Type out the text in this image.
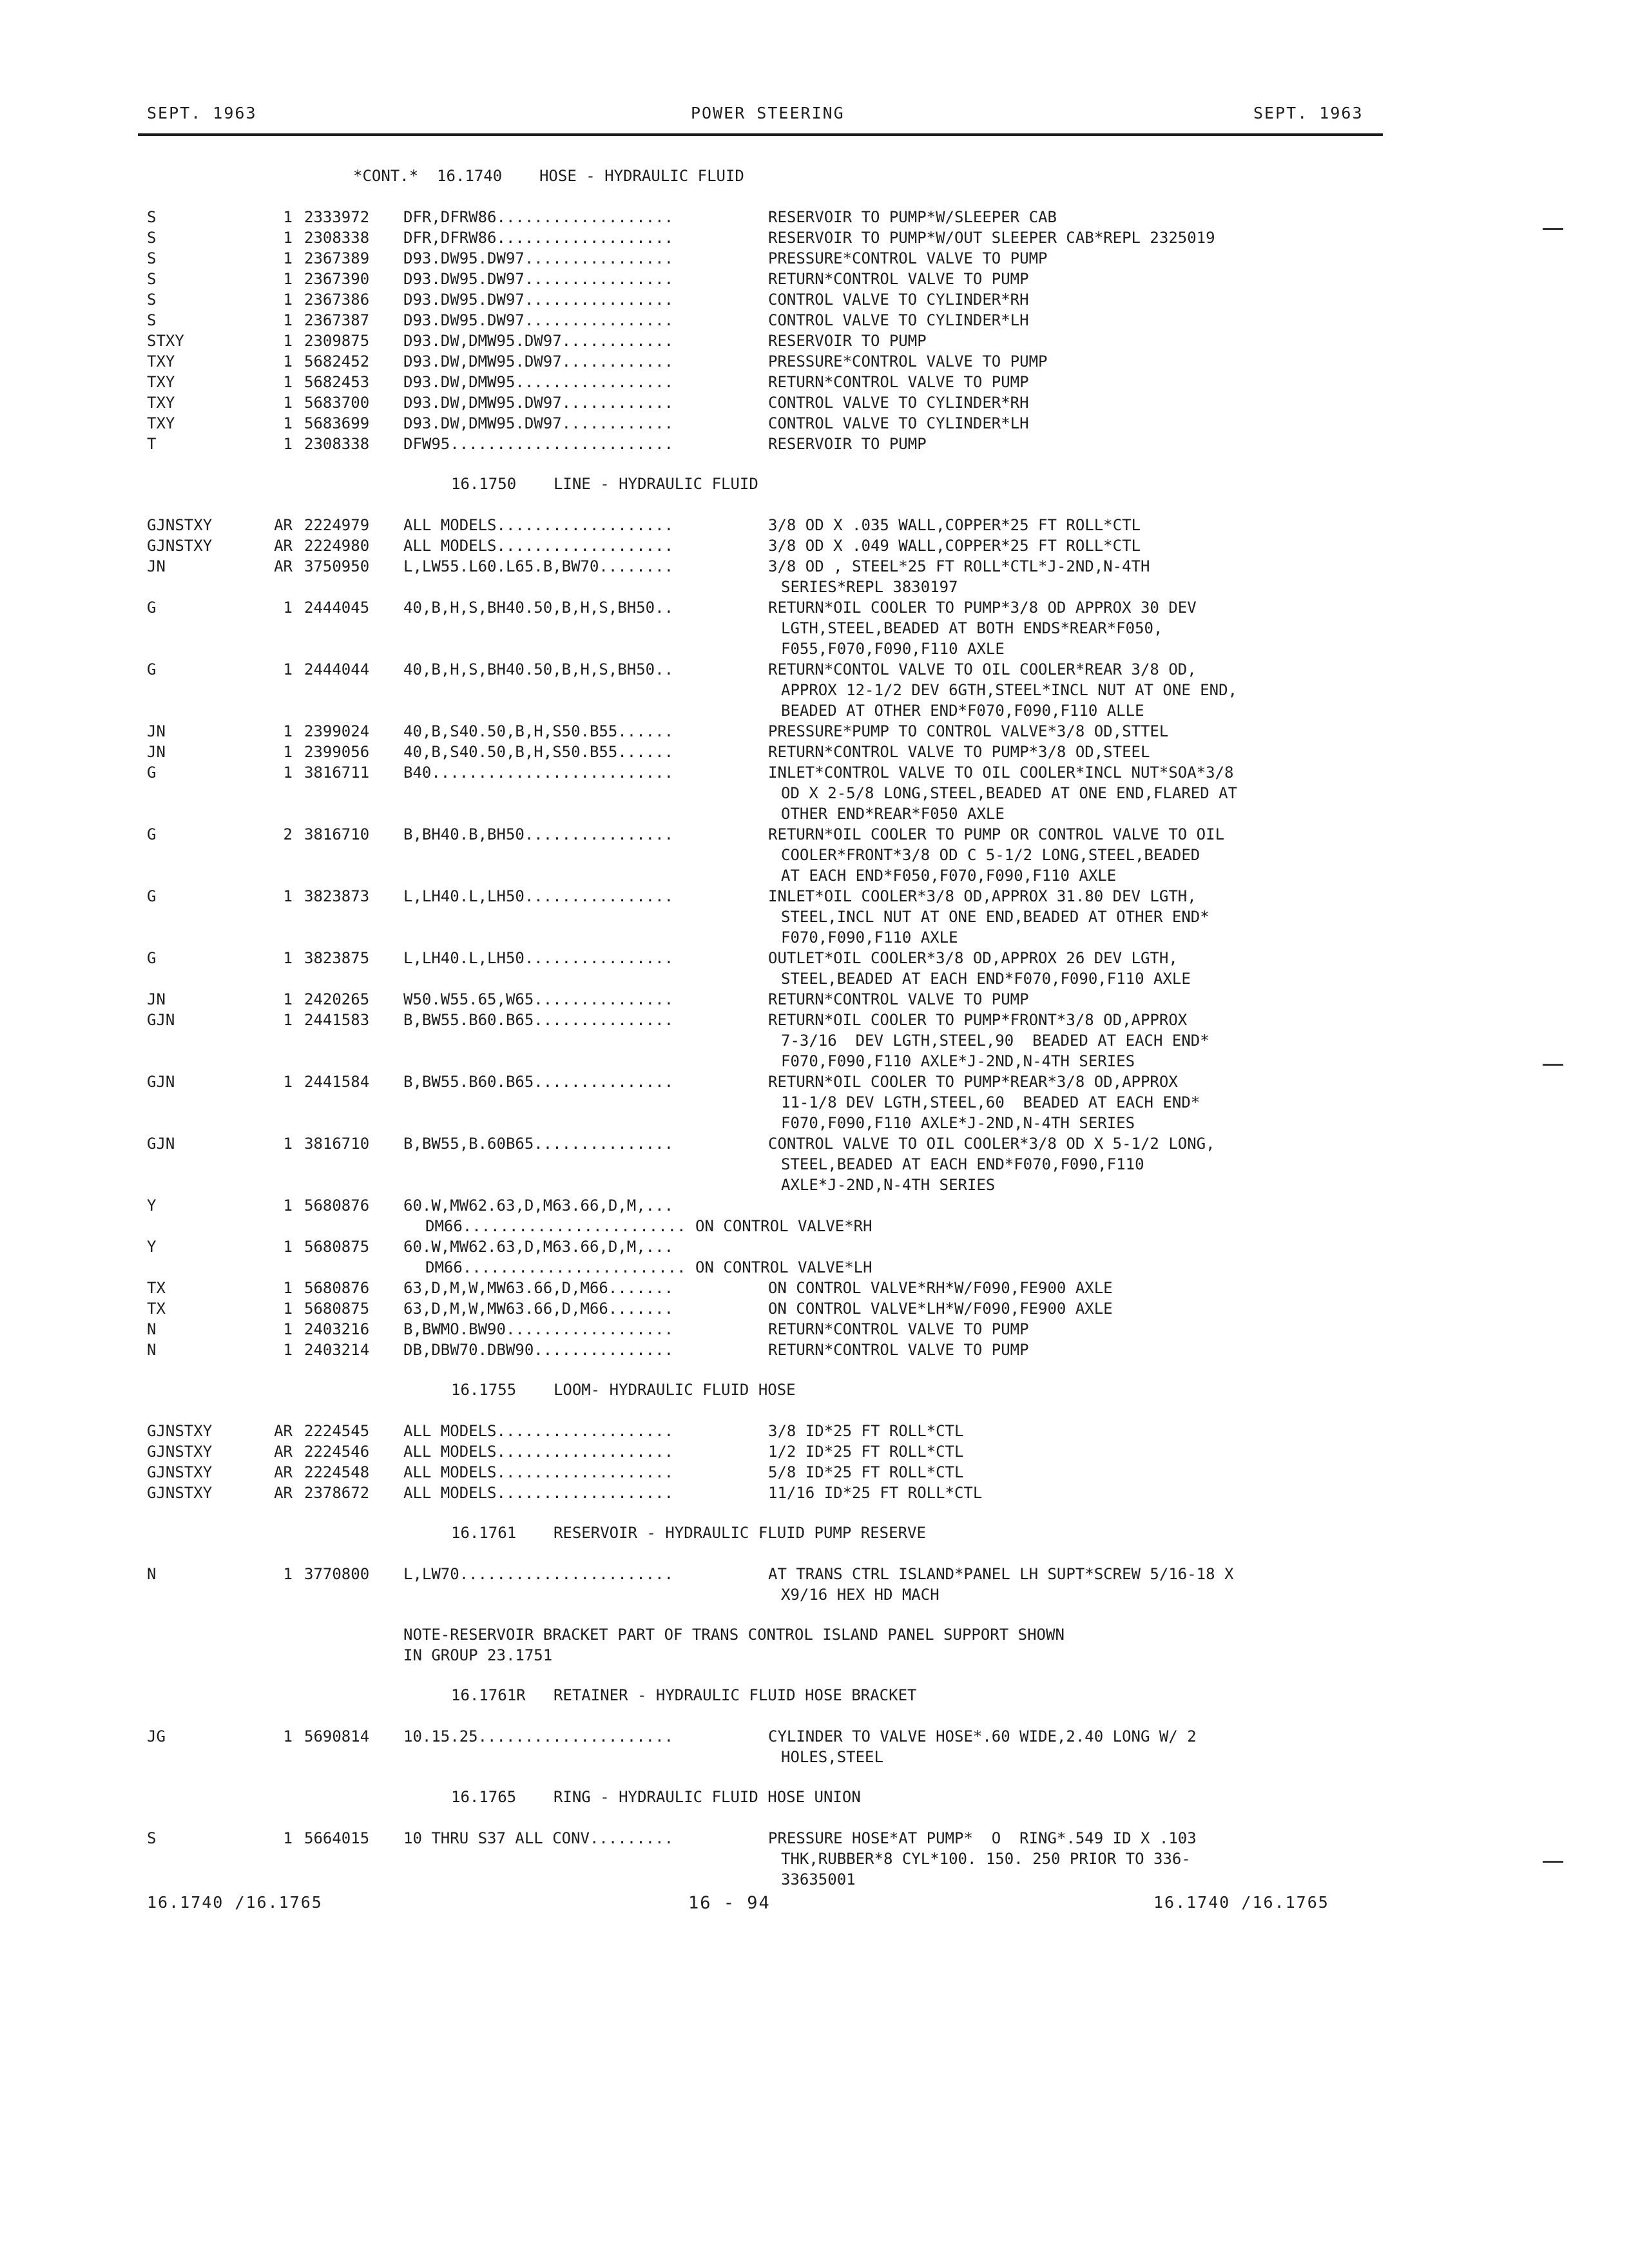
SEPT. 1963	POWER STEERING	SEPT. 1963
*CONT.*  16.1740    HOSE - HYDRAULIC FLUID
S	1 2333972 DFR,DFRW86...................	RESERVOIR TO PUMP*W/SLEEPER CAB
S	1 2308338 DFR,DFRW86...................	RESERVOIR TO PUMP*W/OUT SLEEPER CAB*REPL 2325019
S	1 2367389 D93.DW95.DW97................	PRESSURE*CONTROL VALVE TO PUMP
S	1 2367390 D93.DW95.DW97................	RETURN*CONTROL VALVE TO PUMP
S	1 2367386 D93.DW95.DW97................	CONTROL VALVE TO CYLINDER*RH
S	1 2367387 D93.DW95.DW97................	CONTROL VALVE TO CYLINDER*LH
STXY	1 2309875 D93.DW,DMW95.DW97............	RESERVOIR TO PUMP
TXY	1 5682452 D93.DW,DMW95.DW97............	PRESSURE*CONTROL VALVE TO PUMP
TXY	1 5682453 D93.DW,DMW95.................	RETURN*CONTROL VALVE TO PUMP
TXY	1 5683700 D93.DW,DMW95.DW97............	CONTROL VALVE TO CYLINDER*RH
TXY	1 5683699 D93.DW,DMW95.DW97............	CONTROL VALVE TO CYLINDER*LH
T	1 2308338 DFW95........................	RESERVOIR TO PUMP
16.1750    LINE - HYDRAULIC FLUID
GJNSTXY	AR 2224979 ALL MODELS...................	3/8 OD X .035 WALL,COPPER*25 FT ROLL*CTL
GJNSTXY	AR 2224980 ALL MODELS...................	3/8 OD X .049 WALL,COPPER*25 FT ROLL*CTL
JN	AR 3750950 L,LW55.L60.L65.B,BW70........	3/8 OD , STEEL*25 FT ROLL*CTL*J-2ND,N-4TH
SERIES*REPL 3830197
G	1 2444045 40,B,H,S,BH40.50,B,H,S,BH50..	RETURN*OIL COOLER TO PUMP*3/8 OD APPROX 30 DEV
LGTH,STEEL,BEADED AT BOTH ENDS*REAR*F050,
F055,F070,F090,F110 AXLE
G	1 2444044 40,B,H,S,BH40.50,B,H,S,BH50..	RETURN*CONTOL VALVE TO OIL COOLER*REAR 3/8 OD,
APPROX 12-1/2 DEV 6GTH,STEEL*INCL NUT AT ONE END,
BEADED AT OTHER END*F070,F090,F110 ALLE
JN	1 2399024 40,B,S40.50,B,H,S50.B55......	PRESSURE*PUMP TO CONTROL VALVE*3/8 OD,STTEL
JN	1 2399056 40,B,S40.50,B,H,S50.B55......	RETURN*CONTROL VALVE TO PUMP*3/8 OD,STEEL
G	1 3816711 B40..........................	INLET*CONTROL VALVE TO OIL COOLER*INCL NUT*SOA*3/8
OD X 2-5/8 LONG,STEEL,BEADED AT ONE END,FLARED AT
OTHER END*REAR*F050 AXLE
G	2 3816710 B,BH40.B,BH50................	RETURN*OIL COOLER TO PUMP OR CONTROL VALVE TO OIL
COOLER*FRONT*3/8 OD C 5-1/2 LONG,STEEL,BEADED
AT EACH END*F050,F070,F090,F110 AXLE
G	1 3823873 L,LH40.L,LH50................	INLET*OIL COOLER*3/8 OD,APPROX 31.80 DEV LGTH,
STEEL,INCL NUT AT ONE END,BEADED AT OTHER END*
F070,F090,F110 AXLE
G	1 3823875 L,LH40.L,LH50................	OUTLET*OIL COOLER*3/8 OD,APPROX 26 DEV LGTH,
STEEL,BEADED AT EACH END*F070,F090,F110 AXLE
JN	1 2420265 W50.W55.65,W65...............	RETURN*CONTROL VALVE TO PUMP
GJN	1 2441583 B,BW55.B60.B65...............	RETURN*OIL COOLER TO PUMP*FRONT*3/8 OD,APPROX
7-3/16  DEV LGTH,STEEL,90  BEADED AT EACH END*
F070,F090,F110 AXLE*J-2ND,N-4TH SERIES
GJN	1 2441584 B,BW55.B60.B65...............	RETURN*OIL COOLER TO PUMP*REAR*3/8 OD,APPROX
11-1/8 DEV LGTH,STEEL,60  BEADED AT EACH END*
F070,F090,F110 AXLE*J-2ND,N-4TH SERIES
GJN	1 3816710 B,BW55,B.60B65...............	CONTROL VALVE TO OIL COOLER*3/8 OD X 5-1/2 LONG,
STEEL,BEADED AT EACH END*F070,F090,F110
AXLE*J-2ND,N-4TH SERIES
Y	1 5680876 60.W,MW62.63,D,M63.66,D,M,...
DM66........................ ON CONTROL VALVE*RH
Y	1 5680875 60.W,MW62.63,D,M63.66,D,M,...
DM66........................ ON CONTROL VALVE*LH
TX	1 5680876 63,D,M,W,MW63.66,D,M66.......	ON CONTROL VALVE*RH*W/F090,FE900 AXLE
TX	1 5680875 63,D,M,W,MW63.66,D,M66.......	ON CONTROL VALVE*LH*W/F090,FE900 AXLE
N	1 2403216 B,BWMO.BW90..................	RETURN*CONTROL VALVE TO PUMP
N	1 2403214 DB,DBW70.DBW90...............	RETURN*CONTROL VALVE TO PUMP
16.1755    LOOM- HYDRAULIC FLUID HOSE
GJNSTXY	AR 2224545 ALL MODELS...................	3/8 ID*25 FT ROLL*CTL
GJNSTXY	AR 2224546 ALL MODELS...................	1/2 ID*25 FT ROLL*CTL
GJNSTXY	AR 2224548 ALL MODELS...................	5/8 ID*25 FT ROLL*CTL
GJNSTXY	AR 2378672 ALL MODELS...................	11/16 ID*25 FT ROLL*CTL
16.1761    RESERVOIR - HYDRAULIC FLUID PUMP RESERVE
N	1 3770800 L,LW70.......................	AT TRANS CTRL ISLAND*PANEL LH SUPT*SCREW 5/16-18 X
X9/16 HEX HD MACH
NOTE-RESERVOIR BRACKET PART OF TRANS CONTROL ISLAND PANEL SUPPORT SHOWN
IN GROUP 23.1751
16.1761R   RETAINER - HYDRAULIC FLUID HOSE BRACKET
JG	1 5690814 10.15.25.....................	CYLINDER TO VALVE HOSE*.60 WIDE,2.40 LONG W/ 2
HOLES,STEEL
16.1765    RING - HYDRAULIC FLUID HOSE UNION
S	1 5664015 10 THRU S37 ALL CONV.........	PRESSURE HOSE*AT PUMP*  O  RING*.549 ID X .103
THK,RUBBER*8 CYL*100. 150. 250 PRIOR TO 336-
33635001
16.1740 /16.1765	16 - 94	16.1740 /16.1765
